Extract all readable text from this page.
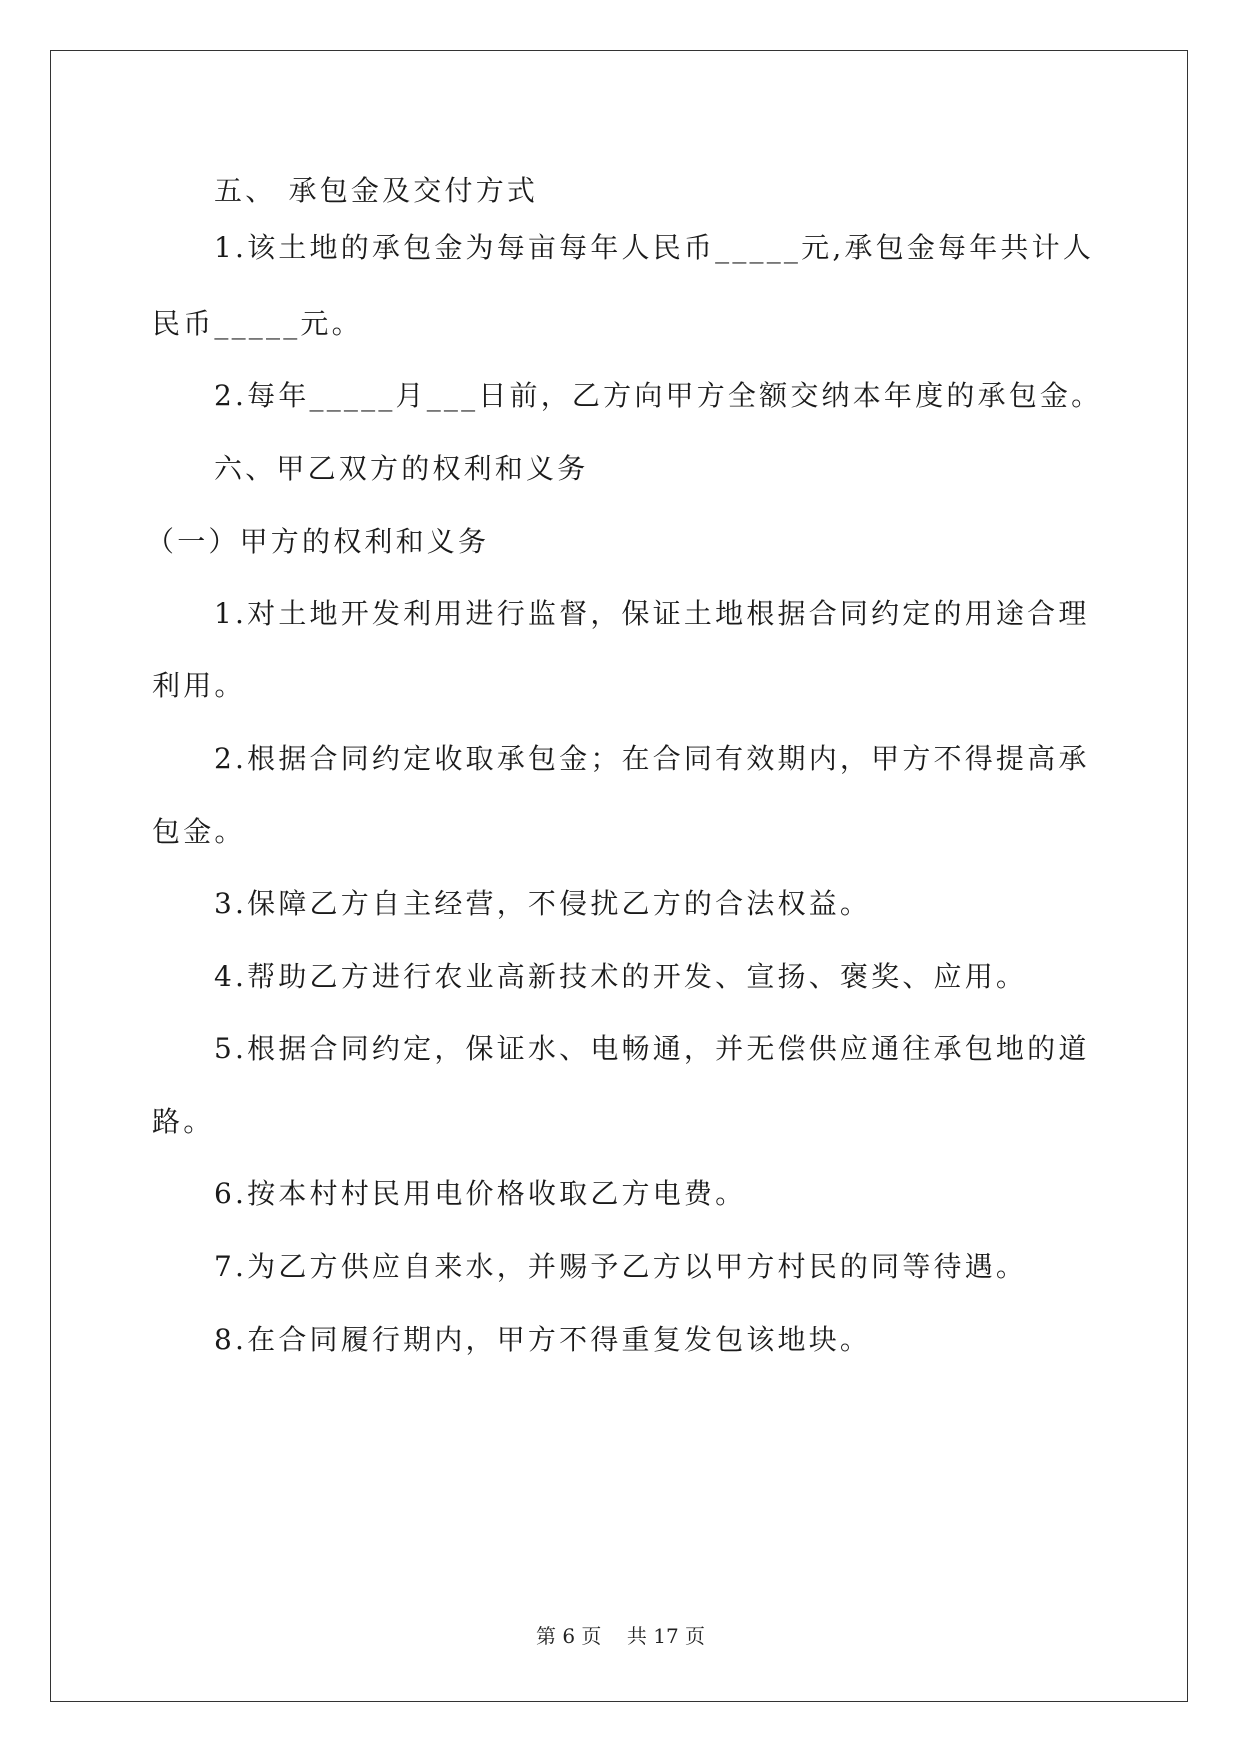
五、 承包金及交付方式
1.该土地的承包金为每亩每年人民币_____元,承包金每年共计人
民币_____元。
2.每年_____月___日前，乙方向甲方全额交纳本年度的承包金。
六、甲乙双方的权利和义务
（一）甲方的权利和义务
1.对土地开发利用进行监督，保证土地根据合同约定的用途合理
利用。
2.根据合同约定收取承包金；在合同有效期内，甲方不得提高承
包金。
3.保障乙方自主经营，不侵扰乙方的合法权益。
4.帮助乙方进行农业高新技术的开发、宣扬、褒奖、应用。
5.根据合同约定，保证水、电畅通，并无偿供应通往承包地的道
路。
6.按本村村民用电价格收取乙方电费。
7.为乙方供应自来水，并赐予乙方以甲方村民的同等待遇。
8.在合同履行期内，甲方不得重复发包该地块。
第 6 页 共 17 页
